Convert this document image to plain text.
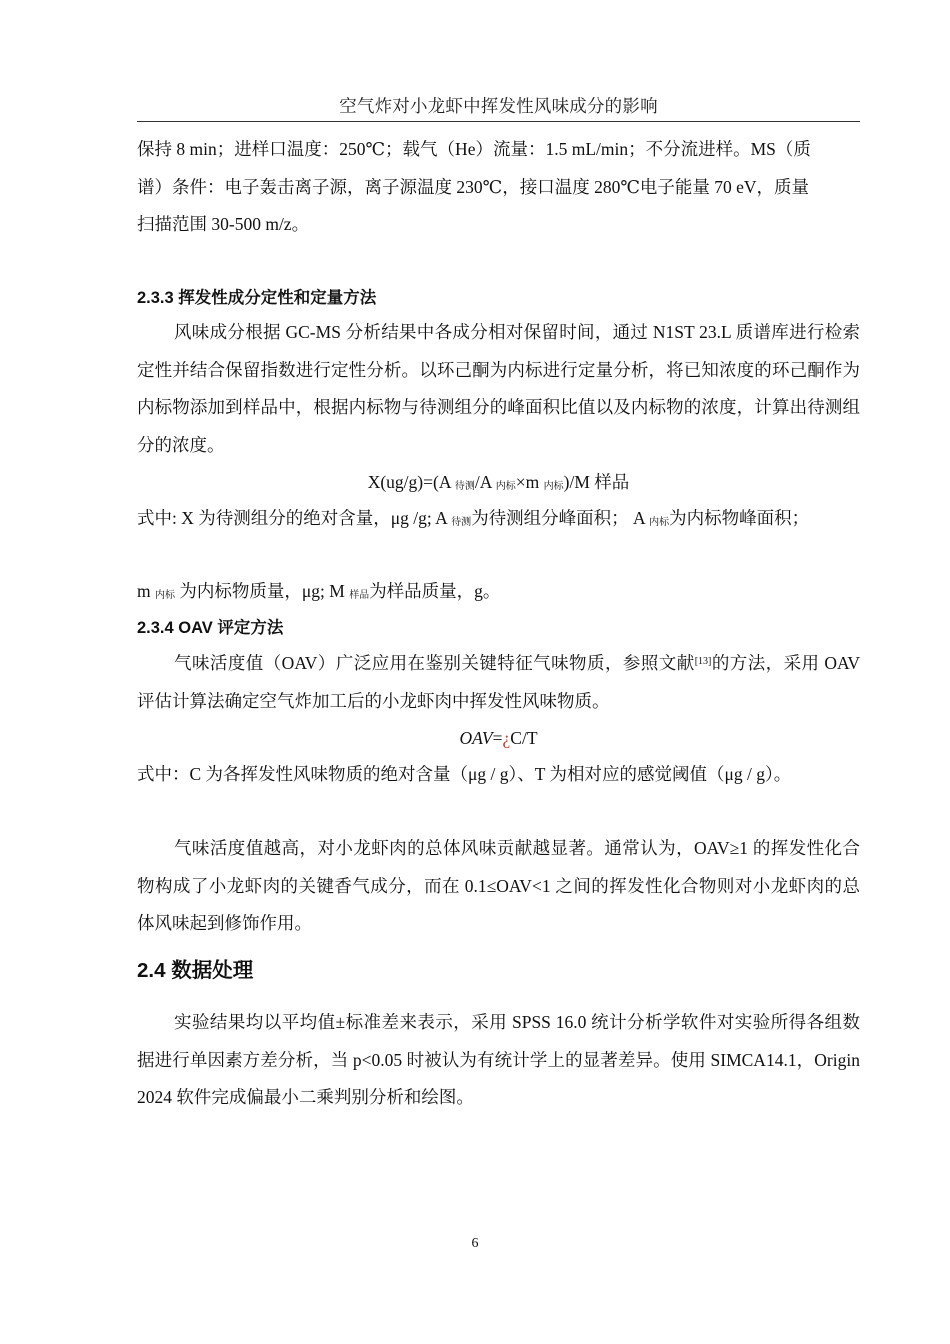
空气炸对小龙虾中挥发性风味成分的影响
保持 8 min；进样口温度：250℃；载气（He）流量：1.5 mL/min；不分流进样。MS（质
谱）条件：电子轰击离子源，离子源温度 230℃，接口温度 280℃电子能量 70 eV，质量
扫描范围 30-500 m/z。
2.3.3 挥发性成分定性和定量方法

风味成分根据 GC-MS 分析结果中各成分相对保留时间，通过 N1ST 23.L 质谱库进行检索定性并结合保留指数进行定性分析。以环己酮为内标进行定量分析，将已知浓度的环己酮作为内标物添加到样品中，根据内标物与待测组分的峰面积比值以及内标物的浓度，计算出待测组分的浓度。

X(ug/g)=(A $_{待测}$/A $_{内标}$×m $_{内标}$)/M 样品

式中: X 为待测组分的绝对含量，μg /g; A $_{待测}$为待测组分峰面积； A $_{内标}$为内标物峰面积；

m $_{内标}$ 为内标物质量，μg; M $_{样品}$为样品质量，g。

2.3.4 OAV 评定方法

气味活度值（OAV）广泛应用在鉴别关键特征气味物质，参照文献[13]的方法，采用 OAV 评估计算法确定空气炸加工后的小龙虾肉中挥发性风味物质。

OAV=¿C/T

式中：C 为各挥发性风味物质的绝对含量（μg / g）、T 为相对应的感觉阈值（μg / g）。

气味活度值越高，对小龙虾肉的总体风味贡献越显著。通常认为，OAV≥1 的挥发性化合物构成了小龙虾肉的关键香气成分，而在 0.1≤OAV<1 之间的挥发性化合物则对小龙虾肉的总体风味起到修饰作用。

2.4 数据处理

实验结果均以平均值±标准差来表示，采用 SPSS 16.0 统计分析学软件对实验所得各组数据进行单因素方差分析，当 p<0.05 时被认为有统计学上的显著差异。使用 SIMCA14.1，Origin 2024 软件完成偏最小二乘判别分析和绘图。

6
